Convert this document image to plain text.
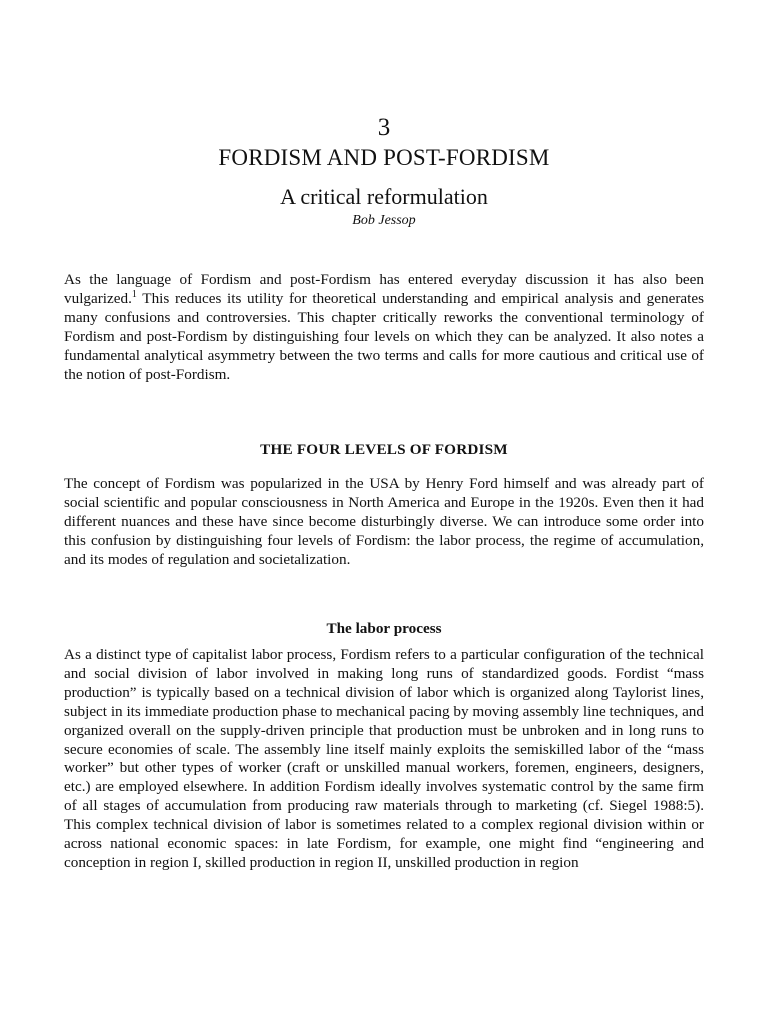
3
FORDISM AND POST-FORDISM
A critical reformulation
Bob Jessop

As the language of Fordism and post-Fordism has entered everyday discussion it has also been vulgarized.$^1$ This reduces its utility for theoretical understanding and empirical analysis and generates many confusions and controversies. This chapter critically reworks the conventional terminology of Fordism and post-Fordism by distinguishing four levels on which they can be analyzed. It also notes a fundamental analytical asymmetry between the two terms and calls for more cautious and critical use of the notion of post-Fordism.

THE FOUR LEVELS OF FORDISM

The concept of Fordism was popularized in the USA by Henry Ford himself and was already part of social scientific and popular consciousness in North America and Europe in the 1920s. Even then it had different nuances and these have since become disturbingly diverse. We can introduce some order into this confusion by distinguishing four levels of Fordism: the labor process, the regime of accumulation, and its modes of regulation and societalization.

The labor process

As a distinct type of capitalist labor process, Fordism refers to a particular configuration of the technical and social division of labor involved in making long runs of standardized goods. Fordist “mass production” is typically based on a technical division of labor which is organized along Taylorist lines, subject in its immediate production phase to mechanical pacing by moving assembly line techniques, and organized overall on the supply-driven principle that production must be unbroken and in long runs to secure economies of scale. The assembly line itself mainly exploits the semiskilled labor of the “mass worker” but other types of worker (craft or unskilled manual workers, foremen, engineers, designers, etc.) are employed elsewhere. In addition Fordism ideally involves systematic control by the same firm of all stages of accumulation from producing raw materials through to marketing (cf. Siegel 1988:5). This complex technical division of labor is sometimes related to a complex regional division within or across national economic spaces: in late Fordism, for example, one might find “engineering and conception in region I, skilled production in region II, unskilled production in region
